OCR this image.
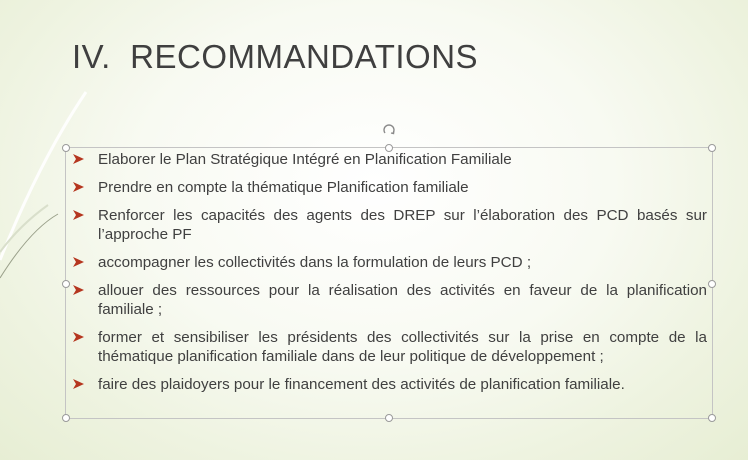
IV.  RECOMMANDATIONS
Elaborer le Plan Stratégique Intégré en Planification Familiale
Prendre en compte la thématique Planification familiale
Renforcer les capacités des agents des DREP sur l’élaboration des PCD basés sur l’approche PF
accompagner les collectivités dans la formulation de leurs PCD ;
allouer des ressources pour la réalisation des activités en faveur de la planification familiale ;
former et sensibiliser les présidents des collectivités sur la prise en compte de la thématique planification familiale dans de leur politique de développement ;
faire des plaidoyers pour le financement des activités de planification familiale.
